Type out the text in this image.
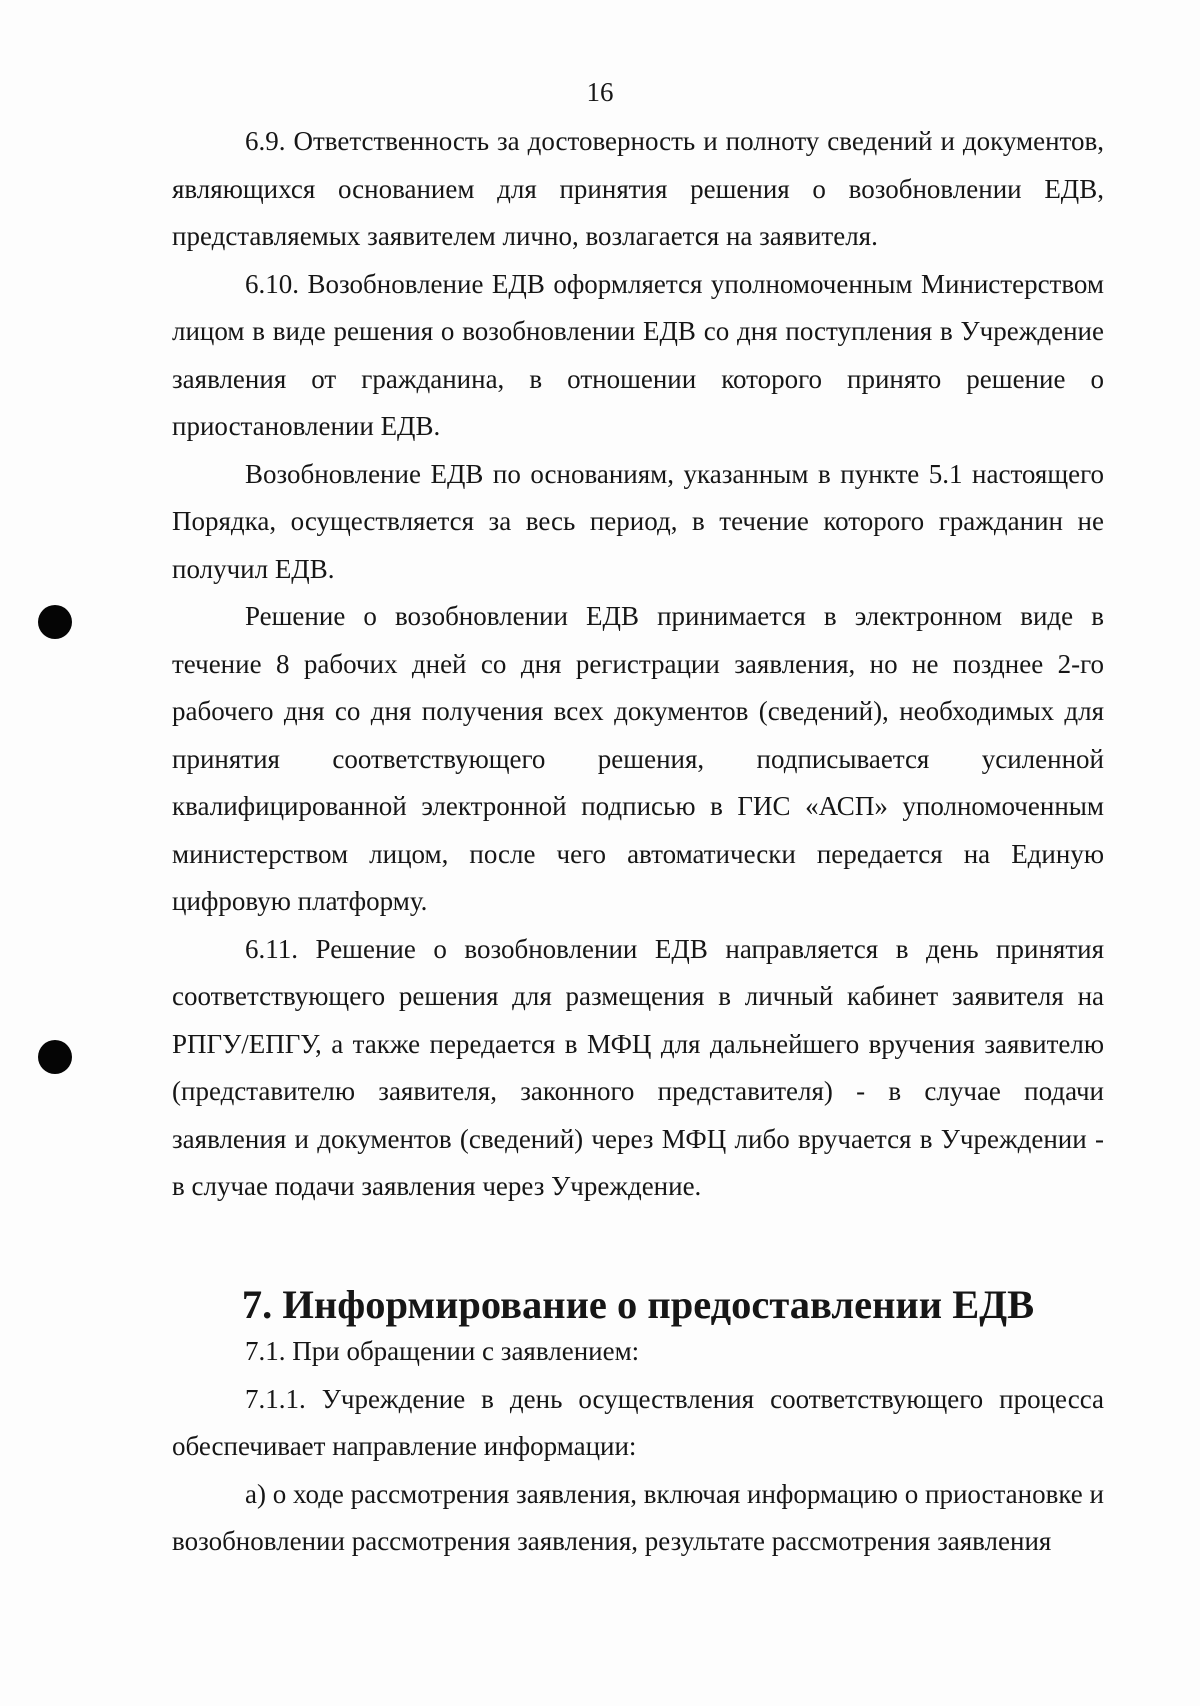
16

6.9. Ответственность за достоверность и полноту сведений и документов, являющихся основанием для принятия решения о возобновлении ЕДВ, представляемых заявителем лично, возлагается на заявителя.

6.10. Возобновление ЕДВ оформляется уполномоченным Министерством лицом в виде решения о возобновлении ЕДВ со дня поступления в Учреждение заявления от гражданина, в отношении которого принято решение о приостановлении ЕДВ.

Возобновление ЕДВ по основаниям, указанным в пункте 5.1 настоящего Порядка, осуществляется за весь период, в течение которого гражданин не получил ЕДВ.

Решение о возобновлении ЕДВ принимается в электронном виде в течение 8 рабочих дней со дня регистрации заявления, но не позднее 2-го рабочего дня со дня получения всех документов (сведений), необходимых для принятия соответствующего решения, подписывается усиленной квалифицированной электронной подписью в ГИС «АСП» уполномоченным министерством лицом, после чего автоматически передается на Единую цифровую платформу.

6.11. Решение о возобновлении ЕДВ направляется в день принятия соответствующего решения для размещения в личный кабинет заявителя на РПГУ/ЕПГУ, а также передается в МФЦ для дальнейшего вручения заявителю (представителю заявителя, законного представителя) - в случае подачи заявления и документов (сведений) через МФЦ либо вручается в Учреждении - в случае подачи заявления через Учреждение.

7. Информирование о предоставлении ЕДВ

7.1. При обращении с заявлением:

7.1.1. Учреждение в день осуществления соответствующего процесса обеспечивает направление информации:

а) о ходе рассмотрения заявления, включая информацию о приостановке и возобновлении рассмотрения заявления, результате рассмотрения заявления
